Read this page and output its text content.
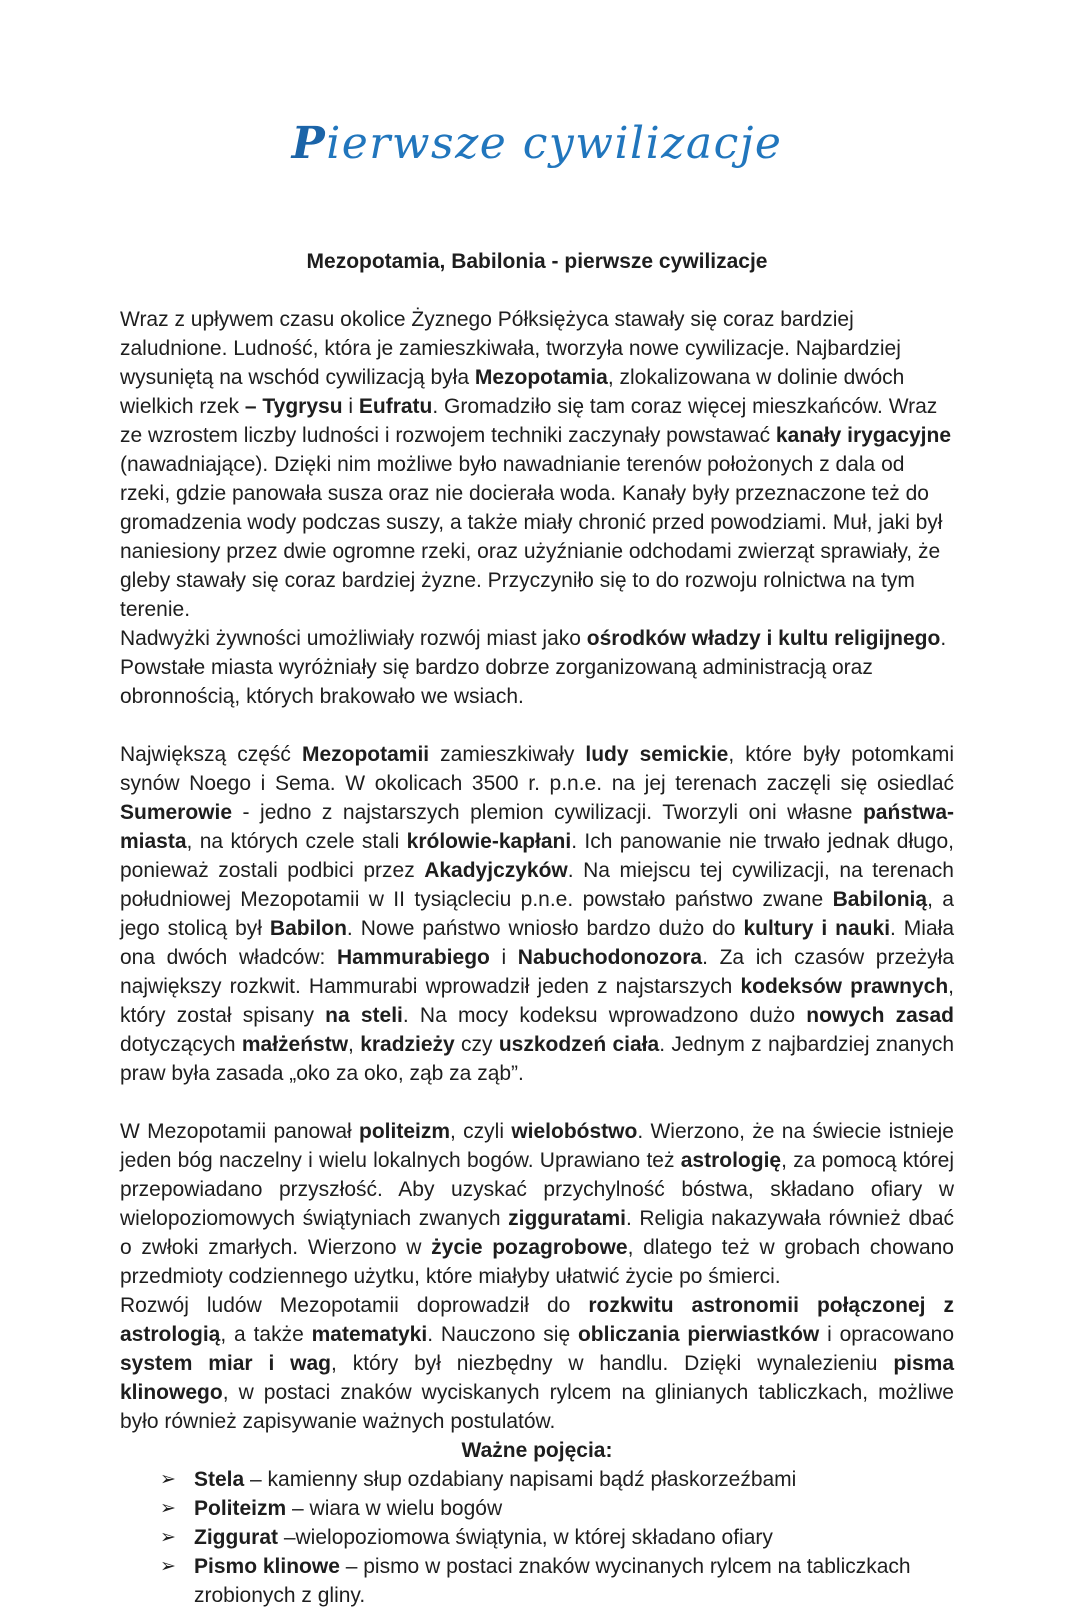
Pierwsze cywilizacje
Mezopotamia, Babilonia - pierwsze cywilizacje

Wraz z upływem czasu okolice Żyznego Półksiężyca stawały się coraz bardziej zaludnione. Ludność, która je zamieszkiwała, tworzyła nowe cywilizacje. Najbardziej wysuniętą na wschód cywilizacją była Mezopotamia, zlokalizowana w dolinie dwóch wielkich rzek – Tygrysu i Eufratu. Gromadziło się tam coraz więcej mieszkańców. Wraz ze wzrostem liczby ludności i rozwojem techniki zaczynały powstawać kanały irygacyjne
(nawadniające). Dzięki nim możliwe było nawadnianie terenów położonych z dala od rzeki, gdzie panowała susza oraz nie docierała woda. Kanały były przeznaczone też do gromadzenia wody podczas suszy, a także miały chronić przed powodziami. Muł, jaki był naniesiony przez dwie ogromne rzeki, oraz użyźnianie odchodami zwierząt sprawiały, że gleby stawały się coraz bardziej żyzne. Przyczyniło się to do rozwoju rolnictwa na tym terenie.
Nadwyżki żywności umożliwiały rozwój miast jako ośrodków władzy i kultu religijnego. Powstałe miasta wyróżniały się bardzo dobrze zorganizowaną administracją oraz obronnością, których brakowało we wsiach.

Największą część Mezopotamii zamieszkiwały ludy semickie, które były potomkami synów Noego i Sema. W okolicach 3500 r. p.n.e. na jej terenach zaczęli się osiedlać Sumerowie - jedno z najstarszych plemion cywilizacji. Tworzyli oni własne państwa-miasta, na których czele stali królowie-kapłani. Ich panowanie nie trwało jednak długo, ponieważ zostali podbici przez Akadyjczyków. Na miejscu tej cywilizacji, na terenach południowej Mezopotamii w II tysiącleciu p.n.e. powstało państwo zwane Babilonią, a jego stolicą był Babilon. Nowe państwo wniosło bardzo dużo do kultury i nauki. Miała ona dwóch władców: Hammurabiego i Nabuchodonozora. Za ich czasów przeżyła największy rozkwit. Hammurabi wprowadził jeden z najstarszych kodeksów prawnych, który został spisany na steli. Na mocy kodeksu wprowadzono dużo nowych zasad dotyczących małżeństw, kradzieży czy uszkodzeń ciała. Jednym z najbardziej znanych praw była zasada „oko za oko, ząb za ząb”.

W Mezopotamii panował politeizm, czyli wielobóstwo. Wierzono, że na świecie istnieje jeden bóg naczelny i wielu lokalnych bogów. Uprawiano też astrologię, za pomocą której przepowiadano przyszłość. Aby uzyskać przychylność bóstwa, składano ofiary w wielopoziomowych świątyniach zwanych zigguratami. Religia nakazywała również dbać o zwłoki zmarłych. Wierzono w życie pozagrobowe, dlatego też w grobach chowano przedmioty codziennego użytku, które miałyby ułatwić życie po śmierci.
Rozwój ludów Mezopotamii doprowadził do rozkwitu astronomii połączonej z astrologią, a także matematyki. Nauczono się obliczania pierwiastków i opracowano system miar i wag, który był niezbędny w handlu. Dzięki wynalezieniu pisma klinowego, w postaci znaków wyciskanych rylcem na glinianych tabliczkach, możliwe było również zapisywanie ważnych postulatów.

Ważne pojęcia:
➢ Stela – kamienny słup ozdabiany napisami bądź płaskorzeźbami
➢ Politeizm – wiara w wielu bogów
➢ Ziggurat –wielopoziomowa świątynia, w której składano ofiary
➢ Pismo klinowe – pismo w postaci znaków wycinanych rylcem na tabliczkach zrobionych z gliny.
